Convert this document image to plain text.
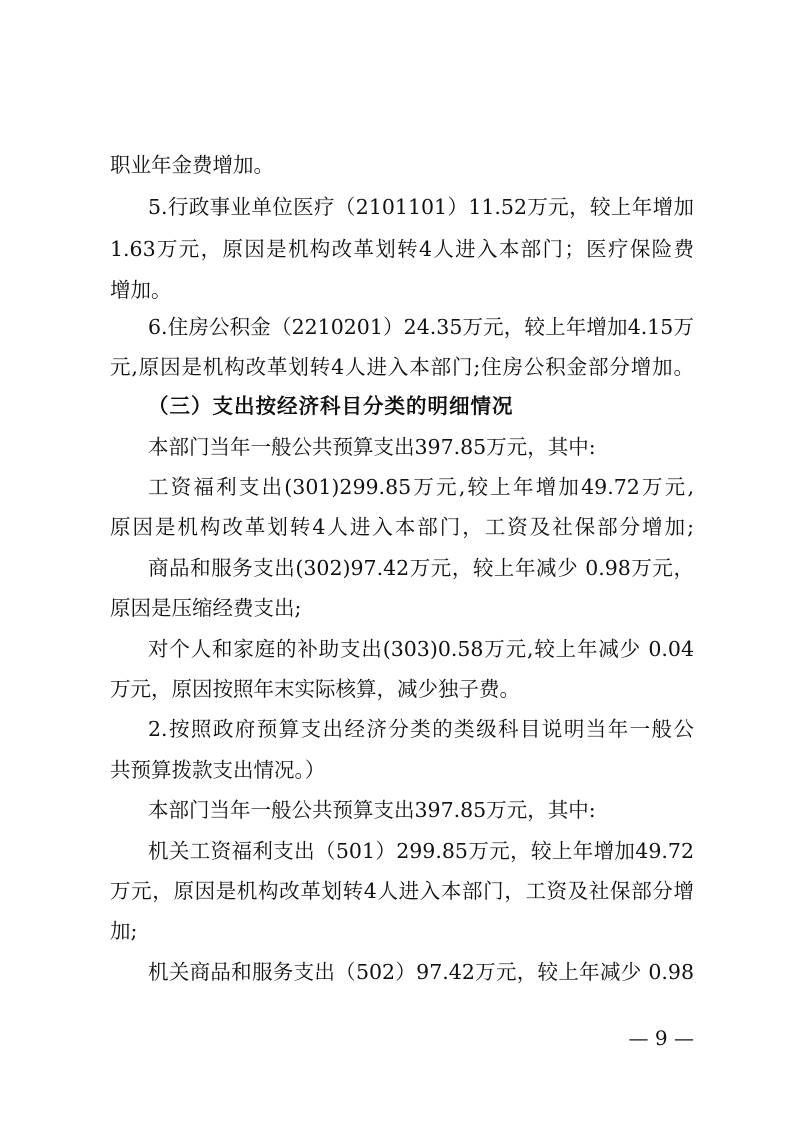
职业年金费增加。
5.行政事业单位医疗（2101101）11.52万元，较上年增加
1.63万元，原因是机构改革划转4人进入本部门；医疗保险费
增加。
6.住房公积金（2210201）24.35万元，较上年增加4.15万
元,原因是机构改革划转4人进入本部门;住房公积金部分增加。
（三）支出按经济科目分类的明细情况
本部门当年一般公共预算支出397.85万元，其中:
工资福利支出(301)299.85万元,较上年增加49.72万元,
原因是机构改革划转4人进入本部门，工资及社保部分增加;
商品和服务支出(302)97.42万元，较上年减少 0.98万元，
原因是压缩经费支出;
对个人和家庭的补助支出(303)0.58万元,较上年减少 0.04
万元，原因按照年末实际核算，减少独子费。
2.按照政府预算支出经济分类的类级科目说明当年一般公
共预算拨款支出情况。）
本部门当年一般公共预算支出397.85万元，其中:
机关工资福利支出（501）299.85万元，较上年增加49.72
万元，原因是机构改革划转4人进入本部门，工资及社保部分增
加;
机关商品和服务支出（502）97.42万元，较上年减少 0.98
— 9 —
